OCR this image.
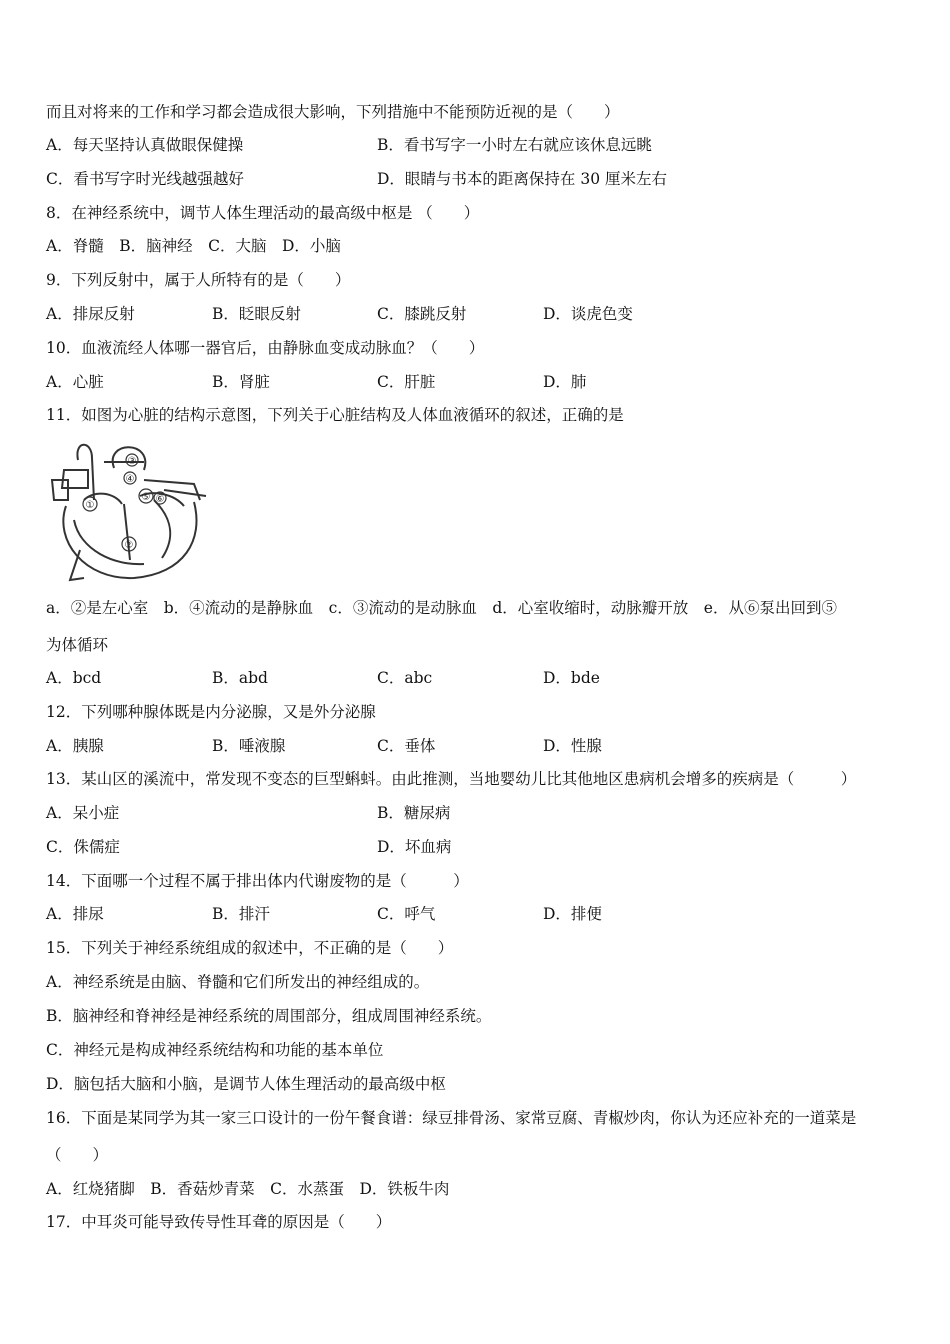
而且对将来的工作和学习都会造成很大影响，下列措施中不能预防近视的是（　　）
A．每天坚持认真做眼保健操	B．看书写字一小时左右就应该休息远眺
C．看书写字时光线越强越好	D．眼睛与书本的距离保持在 30 厘米左右
8．在神经系统中，调节人体生理活动的最高级中枢是 （　　）
A．脊髓　B．脑神经　C．大脑　D．小脑
9．下列反射中，属于人所特有的是（　　）
A．排尿反射	B．眨眼反射	C．膝跳反射	D．谈虎色变
10．血液流经人体哪一器官后，由静脉血变成动脉血？（　　）
A．心脏	B．肾脏	C．肝脏	D．肺
11．如图为心脏的结构示意图，下列关于心脏结构及人体血液循环的叙述，正确的是
①
②
③
④
⑤ ⑥
a．②是左心室　b．④流动的是静脉血　c．③流动的是动脉血　d．心室收缩时，动脉瓣开放　e．从⑥泵出回到⑤
为体循环
A．bcd	B．abd	C．abc	D．bde
12．下列哪种腺体既是内分泌腺，又是外分泌腺
A．胰腺	B．唾液腺	C．垂体	D．性腺
13．某山区的溪流中，常发现不变态的巨型蝌蚪。由此推测，当地婴幼儿比其他地区患病机会增多的疾病是（　　　）
A．呆小症	B．糖尿病
C．侏儒症	D．坏血病
14．下面哪一个过程不属于排出体内代谢废物的是（　　　）
A．排尿	B．排汗	C．呼气	D．排便
15．下列关于神经系统组成的叙述中，不正确的是（　　）
A．神经系统是由脑、脊髓和它们所发出的神经组成的。
B．脑神经和脊神经是神经系统的周围部分，组成周围神经系统。
C．神经元是构成神经系统结构和功能的基本单位
D．脑包括大脑和小脑，是调节人体生理活动的最高级中枢
16．下面是某同学为其一家三口设计的一份午餐食谱：绿豆排骨汤、家常豆腐、青椒炒肉，你认为还应补充的一道菜是
（　　）
A．红烧猪脚　B．香菇炒青菜　C．水蒸蛋　D．铁板牛肉
17．中耳炎可能导致传导性耳聋的原因是（　　）
